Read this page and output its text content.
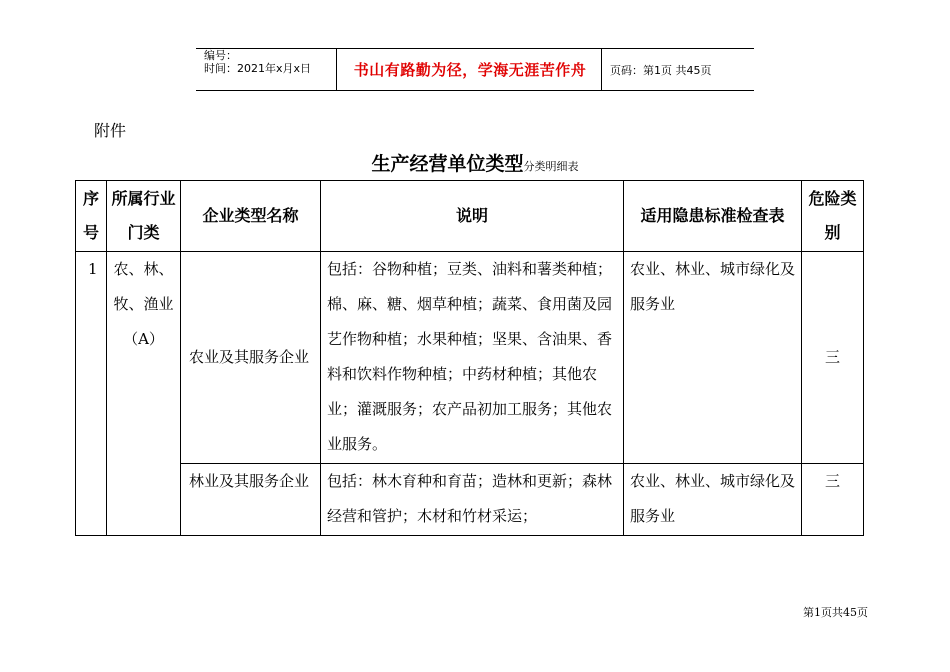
编号：
时间：2021年x月x日	书山有路勤为径，学海无涯苦作舟	页码：第1页 共45页
附件
生产经营单位类型分类明细表
序号	所属行业门类	企业类型名称	说明	适用隐患标准检查表	危险类别
1	农、林、牧、渔业（A）	农业及其服务企业	包括：谷物种植；豆类、油料和薯类种植；棉、麻、糖、烟草种植；蔬菜、食用菌及园艺作物种植；水果种植；坚果、含油果、香料和饮料作物种植；中药材种植；其他农业；灌溉服务；农产品初加工服务；其他农业服务。	农业、林业、城市绿化及服务业	三
		林业及其服务企业	包括：林木育种和育苗；造林和更新；森林经营和管护；木材和竹材采运；	农业、林业、城市绿化及服务业	三
第1页共45页
